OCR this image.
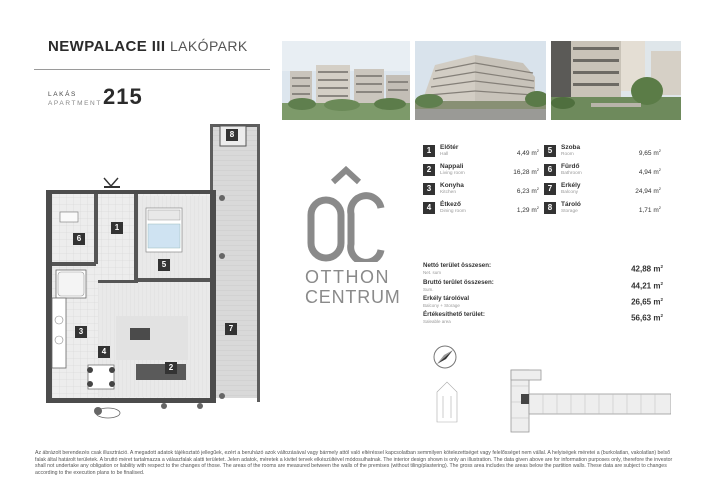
NEWPALACE III LAKÓPARK
LAKÁS
APARTMENT 215
1
2
3
4
5
6
7
8
1	Előtér
Hall	4,49 $m^2$
2	Nappali
Living room	16,28 $m^2$
3	Konyha
Kitchen	6,23 $m^2$
4	Étkező
Dining room	1,29 $m^2$
5	Szoba
Room	9,65 $m^2$
6	Fürdő
Bathroom	4,94 $m^2$
7	Erkély
Balcony	24,94 $m^2$
8	Tároló
Storage	1,71 $m^2$
OTTHON
CENTRUM
Nettó terület összesen:
Net. sum	42,88 $m^2$
Bruttó terület összesen:
Sum.	44,21 $m^2$
Erkély tárolóval
Balcony + Storage	26,65 $m^2$
Értékesíthető terület:
Saleable area	56,63 $m^2$
Az ábrázolt berendezés csak illusztráció. A megadott adatok tájékoztató jellegűek, ezért a beruházó azok változásával vagy bármely attól való eltéréssel kapcsolatban semmilyen kötelezettséget vagy felelősséget nem vállal. A helyiségek méretei a (burkolatlan, vakolatlan) belső falak által határolt területek. A bruttó méret tartalmazza a válaszfalak alatti területet. Jelen adatok, méretek a kivitel tervek elkészültével módosulhatnak. The interior design shown is only an illustration. The data given above are for information purposes only, therefore the investor shall not undertake any obligation or liability with respect to the changes of those. The areas of the rooms are measured between the walls of the premises (without tiling/plastering). The gross area includes the areas below the partition walls. These data are subject to changes according to the execution plans to be finalised.
